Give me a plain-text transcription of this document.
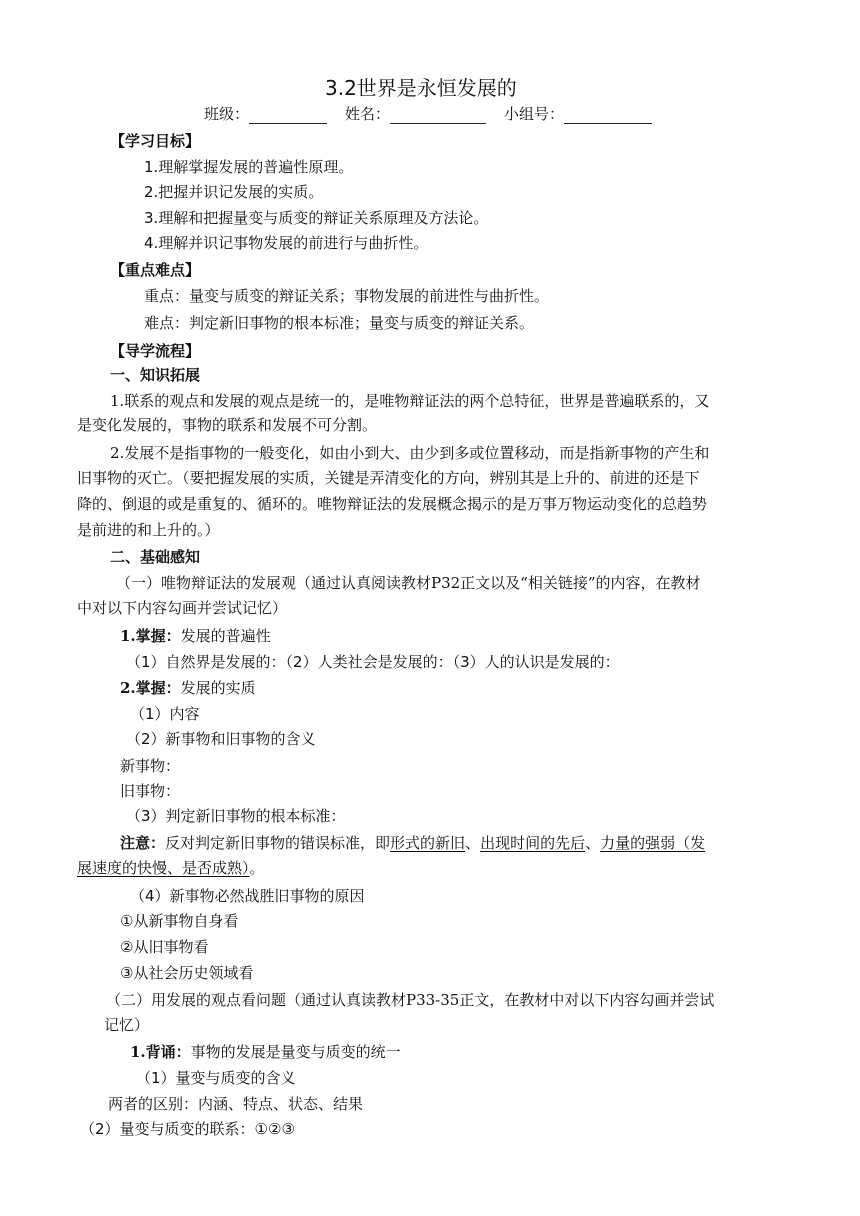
3.2世界是永恒发展的
班级：	姓名：	小组号：
【学习目标】
1.理解掌握发展的普遍性原理。
2.把握并识记发展的实质。
3.理解和把握量变与质变的辩证关系原理及方法论。
4.理解并识记事物发展的前进行与曲折性。
【重点难点】
重点：量变与质变的辩证关系；事物发展的前进性与曲折性。
难点：判定新旧事物的根本标准；量变与质变的辩证关系。
【导学流程】
一、知识拓展
1.联系的观点和发展的观点是统一的，是唯物辩证法的两个总特征，世界是普遍联系的，又
是变化发展的，事物的联系和发展不可分割。
2.发展不是指事物的一般变化，如由小到大、由少到多或位置移动，而是指新事物的产生和
旧事物的灭亡。（要把握发展的实质，关键是弄清变化的方向，辨别其是上升的、前进的还是下
降的、倒退的或是重复的、循环的。唯物辩证法的发展概念揭示的是万事万物运动变化的总趋势
是前进的和上升的。）
二、基础感知
（一）唯物辩证法的发展观（通过认真阅读教材P32正文以及“相关链接”的内容，在教材
中对以下内容勾画并尝试记忆）
1.掌握：发展的普遍性
（1）自然界是发展的：（2）人类社会是发展的：（3）人的认识是发展的：
2.掌握：发展的实质
（1）内容
（2）新事物和旧事物的含义
新事物：
旧事物：
（3）判定新旧事物的根本标准：
注意：反对判定新旧事物的错误标准，即形式的新旧、出现时间的先后、力量的强弱（发
展速度的快慢、是否成熟）。
（4）新事物必然战胜旧事物的原因
①从新事物自身看
②从旧事物看
③从社会历史领域看
（二）用发展的观点看问题（通过认真读教材P33-35正文，在教材中对以下内容勾画并尝试
记忆）
1.背诵：事物的发展是量变与质变的统一
（1）量变与质变的含义
两者的区别：内涵、特点、状态、结果
（2）量变与质变的联系：①②③
